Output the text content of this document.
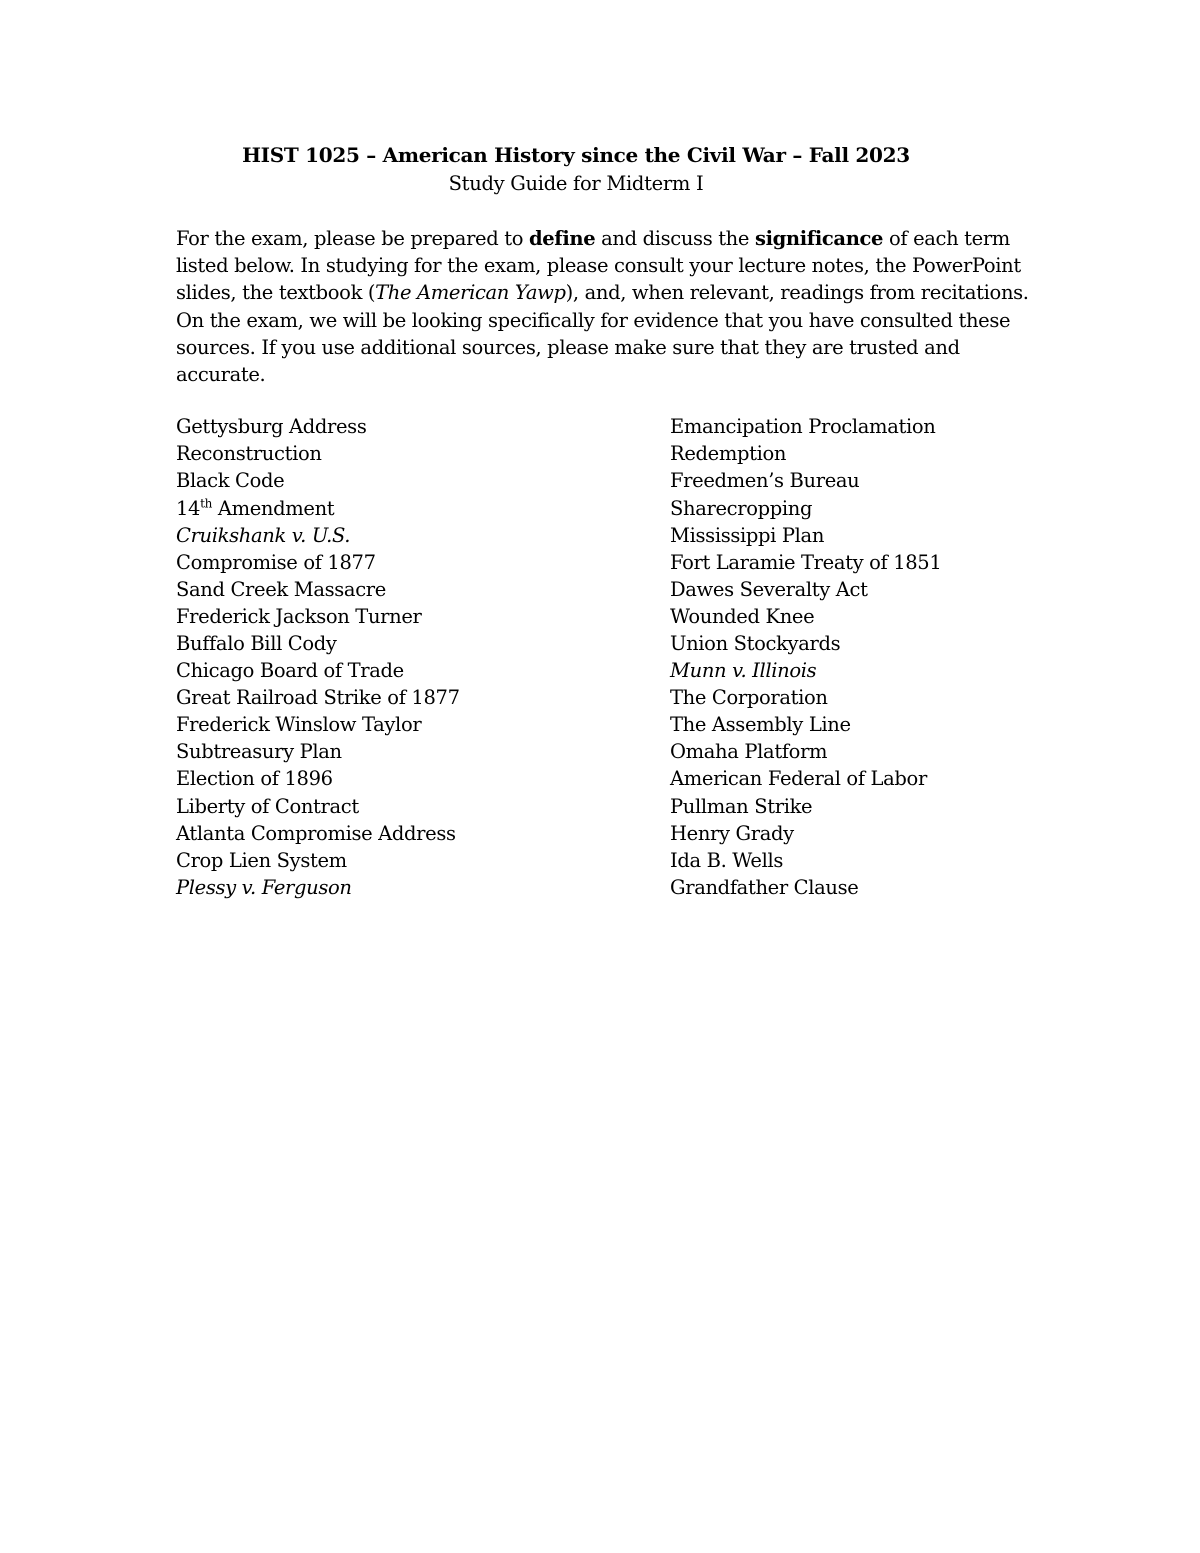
HIST 1025 – American History since the Civil War – Fall 2023
Study Guide for Midterm I
For the exam, please be prepared to define and discuss the significance of each term listed below. In studying for the exam, please consult your lecture notes, the PowerPoint slides, the textbook (The American Yawp), and, when relevant, readings from recitations. On the exam, we will be looking specifically for evidence that you have consulted these sources. If you use additional sources, please make sure that they are trusted and accurate.
Gettysburg Address
Reconstruction
Black Code
14th Amendment
Cruikshank v. U.S.
Compromise of 1877
Sand Creek Massacre
Frederick Jackson Turner
Buffalo Bill Cody
Chicago Board of Trade
Great Railroad Strike of 1877
Frederick Winslow Taylor
Subtreasury Plan
Election of 1896
Liberty of Contract
Atlanta Compromise Address
Crop Lien System
Plessy v. Ferguson
Emancipation Proclamation
Redemption
Freedmen’s Bureau
Sharecropping
Mississippi Plan
Fort Laramie Treaty of 1851
Dawes Severalty Act
Wounded Knee
Union Stockyards
Munn v. Illinois
The Corporation
The Assembly Line
Omaha Platform
American Federal of Labor
Pullman Strike
Henry Grady
Ida B. Wells
Grandfather Clause
